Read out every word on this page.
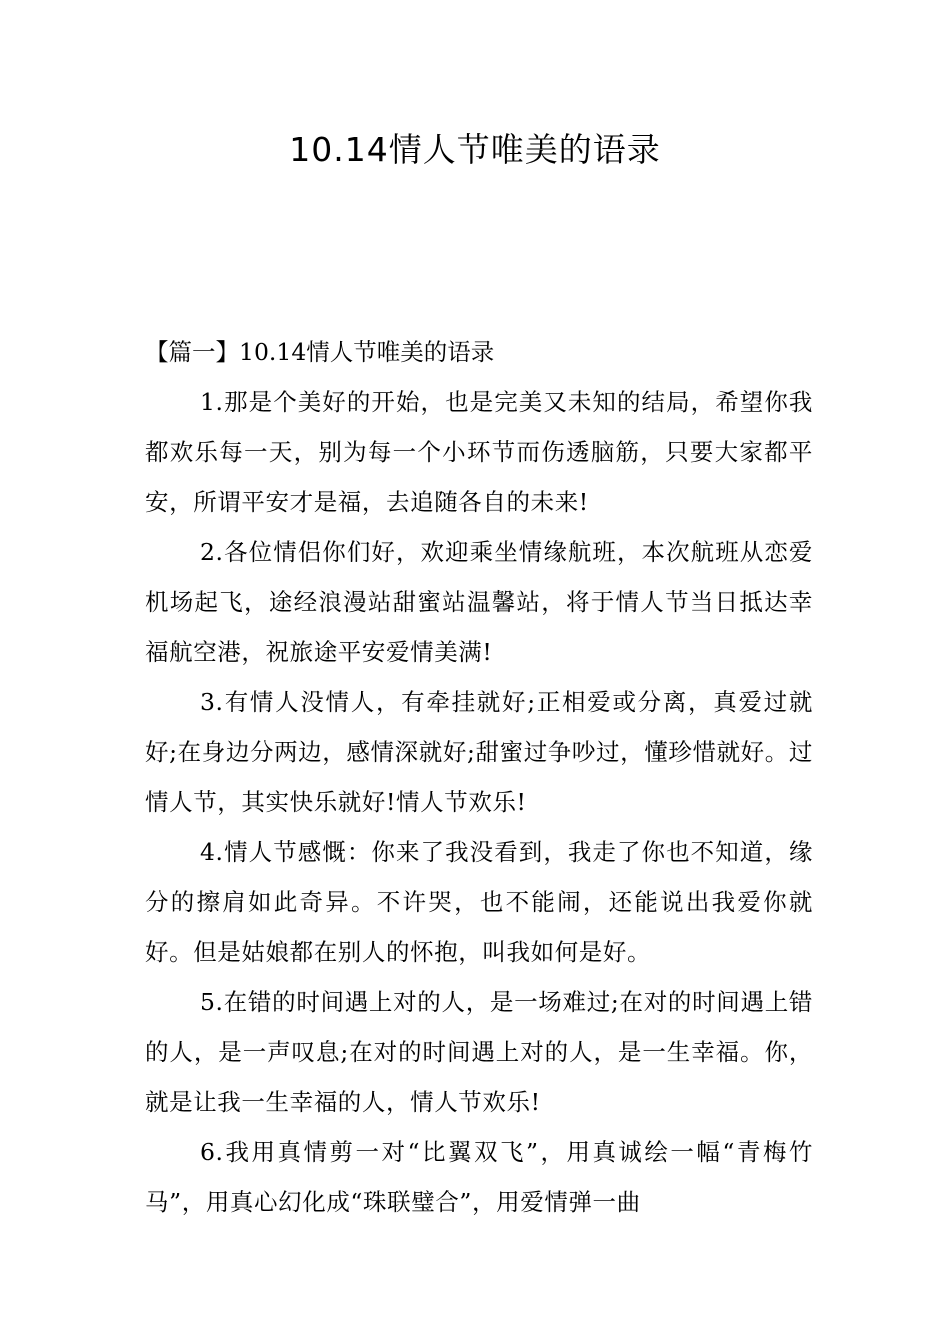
10.14情人节唯美的语录

【篇一】10.14情人节唯美的语录

1.那是个美好的开始，也是完美又未知的结局，希望你我都欢乐每一天，别为每一个小环节而伤透脑筋，只要大家都平安，所谓平安才是福，去追随各自的未来!

2.各位情侣你们好，欢迎乘坐情缘航班，本次航班从恋爱机场起飞，途经浪漫站甜蜜站温馨站，将于情人节当日抵达幸福航空港，祝旅途平安爱情美满!

3.有情人没情人，有牵挂就好;正相爱或分离，真爱过就好;在身边分两边，感情深就好;甜蜜过争吵过，懂珍惜就好。过情人节，其实快乐就好!情人节欢乐!

4.情人节感慨：你来了我没看到，我走了你也不知道，缘分的擦肩如此奇异。不许哭，也不能闹，还能说出我爱你就好。但是姑娘都在别人的怀抱，叫我如何是好。

5.在错的时间遇上对的人，是一场难过;在对的时间遇上错的人，是一声叹息;在对的时间遇上对的人，是一生幸福。你，就是让我一生幸福的人，情人节欢乐!

6.我用真情剪一对“比翼双飞”，用真诚绘一幅“青梅竹马”，用真心幻化成“珠联璧合”，用爱情弹一曲
